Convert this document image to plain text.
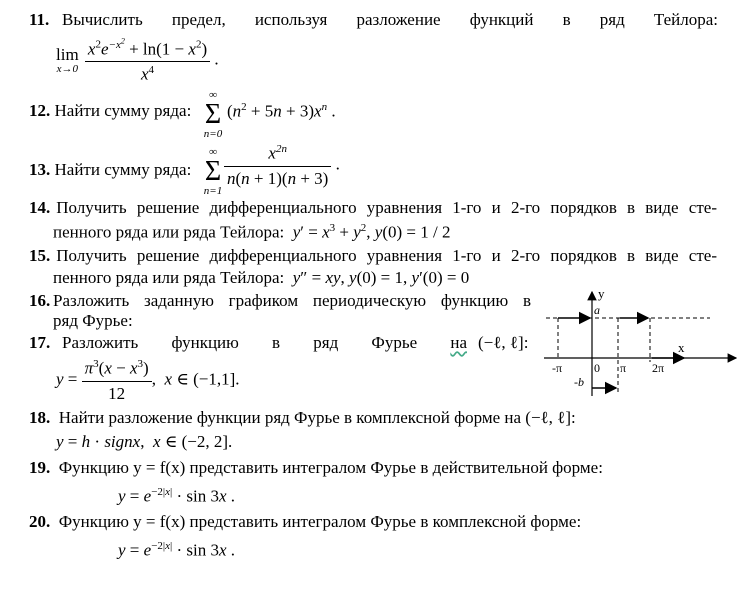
11. Вычислить предел, используя разложение функций в ряд Тейлора:
lim
x→0
$\frac{x^2e^{-x^2} + \ln(1 - x^2)}{x^4}$ .
12. Найти сумму ряда:
∞
Σ
n=0
$(n^2 + 5n + 3)x^n$ .
13. Найти сумму ряда:
∞
Σ
n=1
$\frac{x^{2n}}{n(n + 1)(n + 3)}$ .
14. Получить решение дифференциального уравнения 1-го и 2-го порядков в виде сте-
пенного ряда или ряда Тейлора: $y' = x^3 + y^2$, y(0) = 1 / 2
15. Получить решение дифференциального уравнения 1-го и 2-го порядков в виде сте-
пенного ряда или ряда Тейлора: y″ = xy, y(0) = 1, y′(0) = 0
16. Разложить заданную графиком периодическую функцию в
ряд Фурье:
17. Разложить функцию в ряд Фурье на (−ℓ, ℓ]:
$y = \frac{\pi^3(x - x^3)}{12}$ ,  x ∈ (−1,1].
18. Найти разложение функции ряд Фурье в комплексной форме на (−ℓ, ℓ]:
y = h · signx,  x ∈ (−2, 2].
19. Функцию y = f(x) представить интегралом Фурье в действительной форме:
$y = e^{-2|x|} \cdot \sin 3x$ .
20. Функцию y = f(x) представить интегралом Фурье в комплексной форме:
$y = e^{-2|x|} \cdot \sin 3x$ .
y
x
a
-b
-π	0 π 2π
